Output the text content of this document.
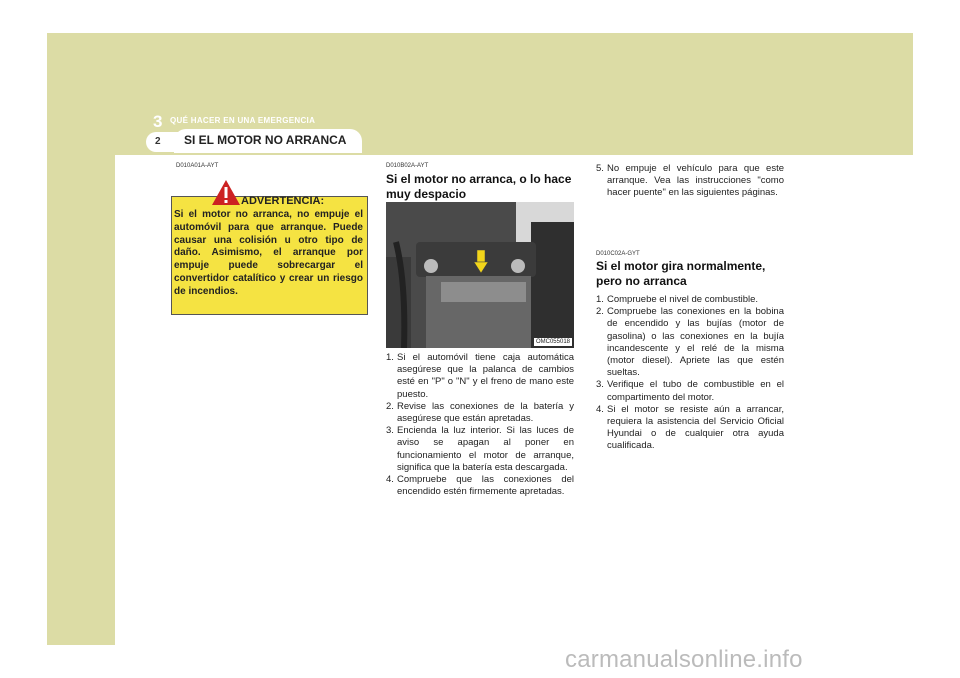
3 QUÉ HACER EN UNA EMERGENCIA
2 SI EL MOTOR NO ARRANCA
D010A01A-AYT
ADVERTENCIA:
Si el motor no arranca, no empuje el automóvil para que arranque. Puede causar una colisión u otro tipo de daño. Asimismo, el arranque por empuje puede sobrecargar el convertidor catalítico y crear un riesgo de incendios.
D010B02A-AYT
Si el motor no arranca, o lo hace muy despacio
OMC055018
1. Si el automóvil tiene caja automática asegúrese que la palanca de cambios esté en "P" o "N" y el freno de mano este puesto.
2. Revise las conexiones de la batería y asegúrese que están apretadas.
3. Encienda la luz interior. Si las luces de aviso se apagan al poner en funcionamiento el motor de arranque, significa que la batería esta descargada.
4. Compruebe que las conexiones del encendido estén firmemente apretadas.
5. No empuje el vehículo para que este arranque. Vea las instrucciones "como hacer puente" en las siguientes páginas.
D010C02A-GYT
Si el motor gira normalmente, pero no arranca
1. Compruebe el nivel de combustible.
2. Compruebe las conexiones en la bobina de encendido y las bujías (motor de gasolina) o las conexiones en la bujía incandescente y el relé de la misma (motor diesel). Apriete las que estén sueltas.
3. Verifique el tubo de combustible en el compartimento del motor.
4. Si el motor se resiste aún a arrancar, requiera la asistencia del Servicio Oficial Hyundai o de cualquier otra ayuda cualificada.
carmanualsonline.info
